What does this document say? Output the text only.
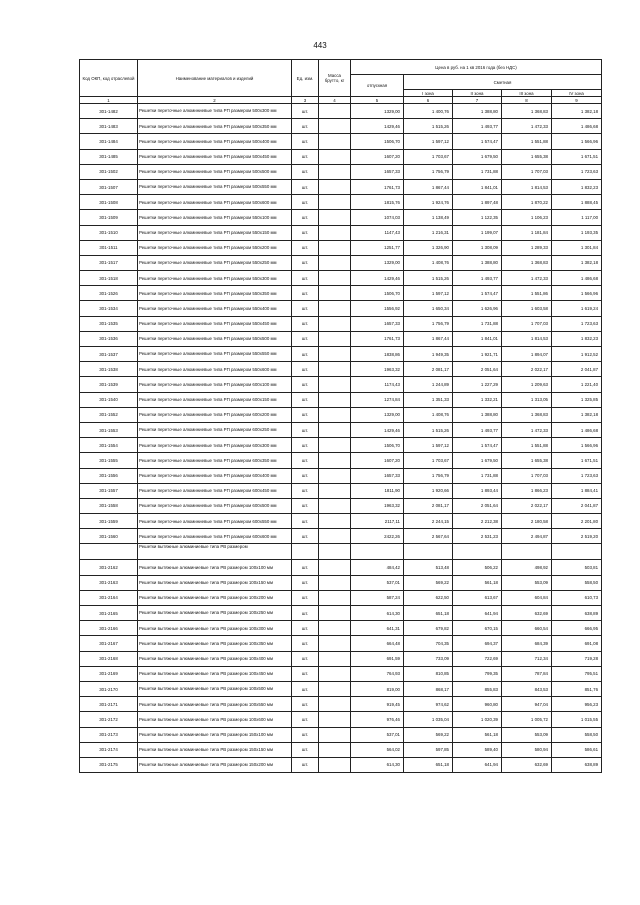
443
Код ОКП, код отраслевой	Наименование материалов и изделий	Ед. изм.	Масса брутто, кг	Цена в руб. на 1 кв 2016 года (без НДС)				
				отпускная	Сметная			
					I зона	II зона	III зона	IV зона
1	2	3	4	5	6	7	8	9
301-1482	Решетки переточные алюминиевые типа РП размером 500x300 мм	шт.		1329,00	1 400,76	1 388,80	1 368,83	1 382,18
301-1483	Решетки переточные алюминиевые типа РП размером 500x350 мм	шт.		1429,46	1 515,26	1 493,77	1 472,33	1 486,68
301-1484	Решетки переточные алюминиевые типа РП размером 500x400 мм	шт.		1506,70	1 597,12	1 574,47	1 551,88	1 566,96
301-1485	Решетки переточные алюминиевые типа РП размером 500x450 мм	шт.		1607,20	1 703,67	1 679,50	1 655,38	1 671,51
301-1502	Решетки переточные алюминиевые типа РП размером 500x500 мм	шт.		1657,33	1 756,79	1 731,88	1 707,03	1 723,63
301-1507	Решетки переточные алюминиевые типа РП размером 500x550 мм	шт.		1761,73	1 867,44	1 841,01	1 814,53	1 832,23
301-1508	Решетки переточные алюминиевые типа РП размером 500x600 мм	шт.		1815,76	1 924,76	1 897,48	1 870,22	1 888,45
301-1509	Решетки переточные алюминиевые типа РП размером 550x100 мм	шт.		1074,03	1 138,49	1 122,35	1 106,23	1 117,00
301-1510	Решетки переточные алюминиевые типа РП размером 550x150 мм	шт.		1147,43	1 216,31	1 199,07	1 181,84	1 193,35
301-1511	Решетки переточные алюминиевые типа РП размером 550x200 мм	шт.		1251,77	1 326,90	1 308,09	1 289,33	1 301,84
301-1517	Решетки переточные алюминиевые типа РП размером 550x250 мм	шт.		1329,00	1 408,76	1 388,80	1 368,83	1 382,18
301-1518	Решетки переточные алюминиевые типа РП размером 550x300 мм	шт.		1429,46	1 515,26	1 493,77	1 472,33	1 486,68
301-1526	Решетки переточные алюминиевые типа РП размером 550x350 мм	шт.		1506,70	1 597,12	1 574,47	1 551,86	1 566,96
301-1534	Решетки переточные алюминиевые типа РП размером 550x400 мм	шт.		1556,92	1 650,34	1 626,96	1 603,58	1 619,24
301-1535	Решетки переточные алюминиевые типа РП размером 550x450 мм	шт.		1657,33	1 756,79	1 731,88	1 707,03	1 723,63
301-1536	Решетки переточные алюминиевые типа РП размером 550x500 мм	шт.		1761,73	1 867,44	1 841,01	1 814,53	1 832,23
301-1537	Решетки переточные алюминиевые типа РП размером 550x550 мм	шт.		1838,86	1 949,35	1 921,71	1 894,07	1 912,52
301-1538	Решетки переточные алюминиевые типа РП размером 550x600 мм	шт.		1963,32	2 081,17	2 051,64	2 022,17	2 041,87
301-1539	Решетки переточные алюминиевые типа РП размером 600x100 мм	шт.		1174,43	1 244,89	1 227,29	1 209,63	1 221,40
301-1540	Решетки переточные алюминиевые типа РП размером 600x150 мм	шт.		1274,84	1 351,33	1 332,21	1 313,05	1 325,85
301-1552	Решетки переточные алюминиевые типа РП размером 600x200 мм	шт.		1329,00	1 408,76	1 388,80	1 368,83	1 382,18
301-1553	Решетки переточные алюминиевые типа РП размером 600x250 мм	шт.		1429,46	1 515,26	1 493,77	1 472,33	1 486,68
301-1554	Решетки переточные алюминиевые типа РП размером 600x300 мм	шт.		1506,70	1 597,12	1 574,47	1 551,88	1 566,96
301-1555	Решетки переточные алюминиевые типа РП размером 600x350 мм	шт.		1607,20	1 703,67	1 679,50	1 655,38	1 671,51
301-1556	Решетки переточные алюминиевые типа РП размером 600x400 мм	шт.		1657,33	1 756,79	1 731,88	1 707,03	1 723,63
301-1557	Решетки переточные алюминиевые типа РП размером 600x450 мм	шт.		1811,90	1 920,66	1 893,44	1 866,23	1 884,41
301-1558	Решетки переточные алюминиевые типа РП размером 600x500 мм	шт.		1963,32	2 081,17	2 051,64	2 022,17	2 041,87
301-1559	Решетки переточные алюминиевые типа РП размером 600x550 мм	шт.		2117,11	2 244,15	2 212,38	2 180,58	2 201,80
301-1560	Решетки переточные алюминиевые типа РП размером 600x600 мм	шт.		2422,26	2 567,64	2 531,23	2 494,87	2 519,20
	Решетки вытяжные алюминиевые типа РВ размером							
301-2162	Решетки вытяжные алюминиевые типа РВ размером 100x100 мм	шт.		484,42	513,48	506,22	498,92	503,81
301-2163	Решетки вытяжные алюминиевые типа РВ размером 100x150 мм	шт.		537,01	569,22	561,18	553,09	558,50
301-2164	Решетки вытяжные алюминиевые типа РВ размером 100x200 мм	шт.		587,24	622,50	613,67	604,84	610,73
301-2165	Решетки вытяжные алюминиевые типа РВ размером 100x250 мм	шт.		614,30	651,18	641,94	632,69	638,89
301-2166	Решетки вытяжные алюминиевые типа РВ размером 100x300 мм	шт.		641,31	679,82	670,15	660,54	666,95
301-2167	Решетки вытяжные алюминиевые типа РВ размером 100x350 мм	шт.		664,48	704,35	694,37	684,39	691,08
301-2168	Решетки вытяжные алюминиевые типа РВ размером 100x400 мм	шт.		691,59	733,09	722,69	712,34	719,28
301-2169	Решетки вытяжные алюминиевые типа РВ размером 100x450 мм	шт.		764,93	810,85	799,35	787,84	795,51
301-2170	Решетки вытяжные алюминиевые типа РВ размером 100x500 мм	шт.		819,00	868,17	855,83	843,53	851,76
301-2171	Решетки вытяжные алюминиевые типа РВ размером 100x550 мм	шт.		919,45	974,62	960,80	947,04	956,23
301-2172	Решетки вытяжные алюминиевые типа РВ размером 100x600 мм	шт.		976,46	1 035,04	1 020,39	1 005,72	1 015,55
301-2173	Решетки вытяжные алюминиевые типа РВ размером 150x100 мм	шт.		537,01	569,22	561,18	553,09	558,50
301-2174	Решетки вытяжные алюминиевые типа РВ размером 150x150 мм	шт.		564,02	597,85	589,40	580,94	586,61
301-2175	Решетки вытяжные алюминиевые типа РВ размером 150x200 мм	шт.		614,30	651,18	641,94	632,69	638,89
